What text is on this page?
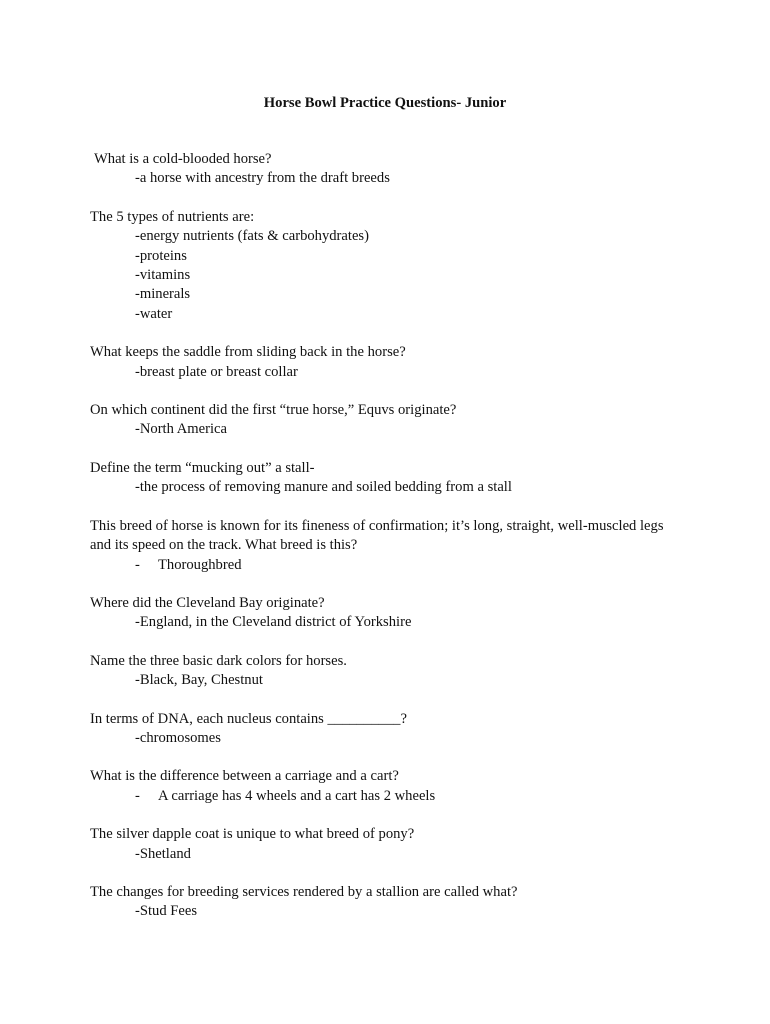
Horse Bowl Practice Questions- Junior
What is a cold-blooded horse?
-a horse with ancestry from the draft breeds
The 5 types of nutrients are:
-energy nutrients (fats & carbohydrates)
-proteins
-vitamins
-minerals
-water
What keeps the saddle from sliding back in the horse?
-breast plate or breast collar
On which continent did the first “true horse,” Equvs originate?
-North America
Define the term “mucking out” a stall-
-the process of removing manure and soiled bedding from a stall
This breed of horse is known for its fineness of confirmation; it’s long, straight, well-muscled legs and its speed on the track. What breed is this?
- Thoroughbred
Where did the Cleveland Bay originate?
-England, in the Cleveland district of Yorkshire
Name the three basic dark colors for horses.
-Black, Bay, Chestnut
In terms of DNA, each nucleus contains __________?
-chromosomes
What is the difference between a carriage and a cart?
- A carriage has 4 wheels and a cart has 2 wheels
The silver dapple coat is unique to what breed of pony?
-Shetland
The changes for breeding services rendered by a stallion are called what?
-Stud Fees
